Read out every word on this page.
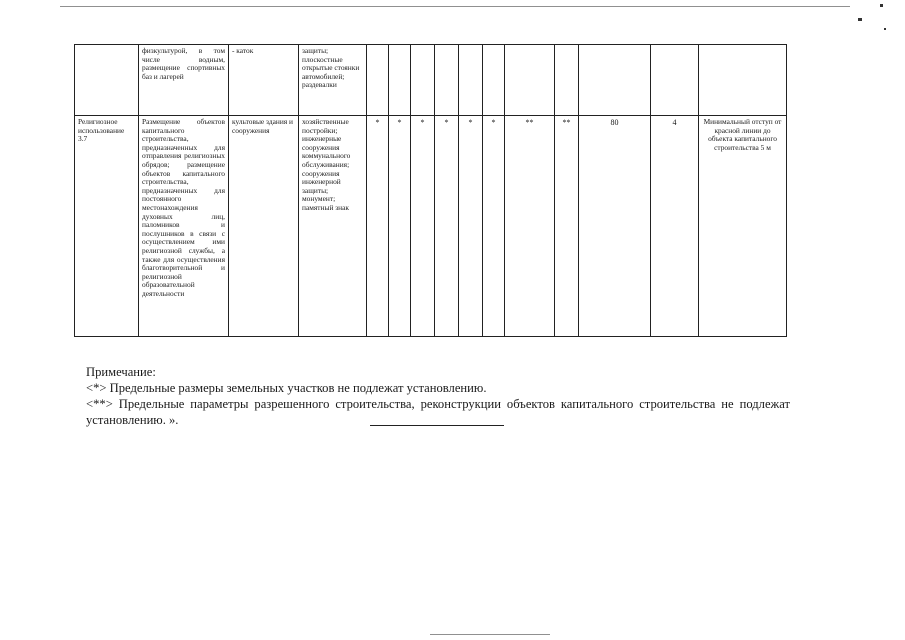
	физкультурой, в том числе водным, размещение спортивных баз и лагерей	- каток	защиты; плоскостные открытые стоянки автомобилей; раздевалки											
Религиозное использование 3.7	Размещение объектов капитального строительства, предназначенных для отправления религиозных обрядов; размещение объектов капитального строительства, предназначенных для постоянного местонахождения духовных лиц, паломников и послушников в связи с осуществлением ими религиозной службы, а также для осуществления благотворительной и религиозной образовательной деятельности	культовые здания и сооружения	хозяйственные постройки; инженерные сооружения коммунального обслуживания; сооружения инженерной защиты; монумент; памятный знак	*	*	*	*	*	*	**	**	80	4	Минимальный отступ от красной линии до объекта капитального строительства 5 м

Примечание:

<*> Предельные размеры земельных участков не подлежат установлению.

<**> Предельные параметры разрешенного строительства, реконструкции объектов капитального строительства не подлежат установлению. ».
